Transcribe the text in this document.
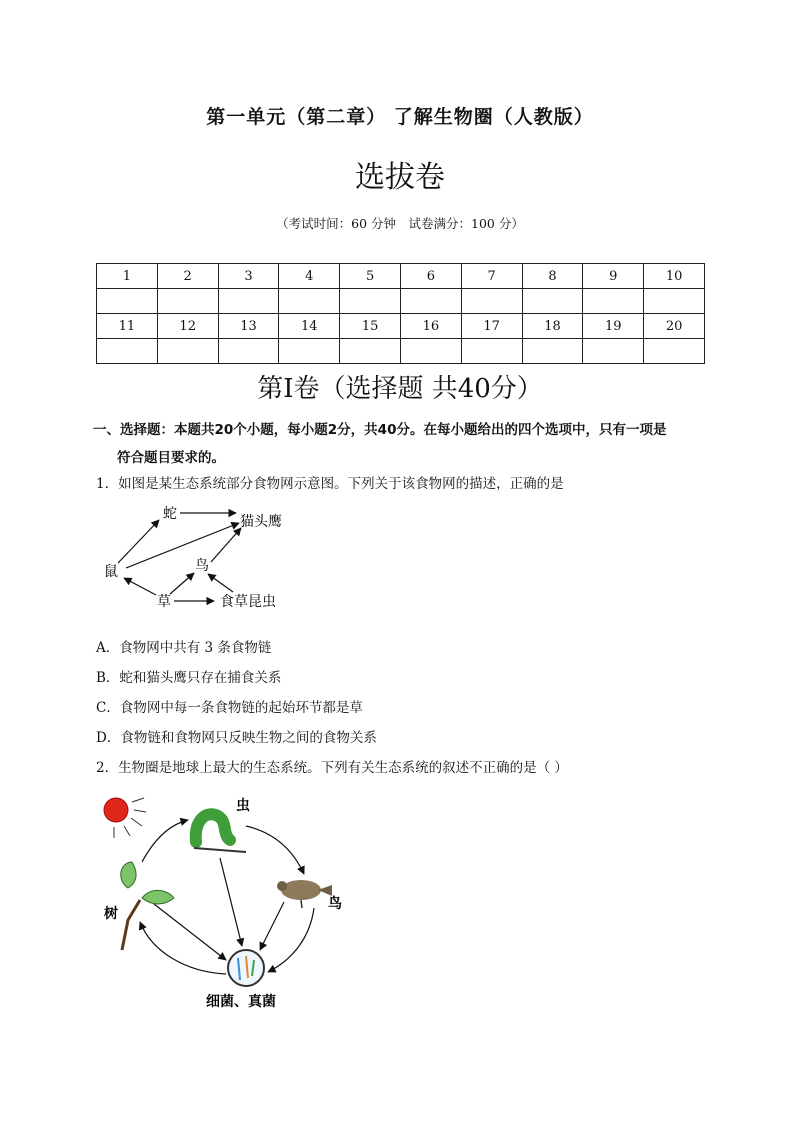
第一单元（第二章） 了解生物圈（人教版）
选拔卷
（考试时间：60 分钟　试卷满分：100 分）
1	2	3	4	5	6	7	8	9	10

11	12	13	14	15	16	17	18	19	20

第Ⅰ卷（选择题 共40分）
一、选择题：本题共20个小题，每小题2分，共40分。在每小题给出的四个选项中，只有一项是
符合题目要求的。
1．如图是某生态系统部分食物网示意图。下列关于该食物网的描述，正确的是
蛇	猫头鹰
鼠	鸟
草	食草昆虫
A．食物网中共有 3 条食物链
B．蛇和猫头鹰只存在捕食关系
C．食物网中每一条食物链的起始环节都是草
D．食物链和食物网只反映生物之间的食物关系
2．生物圈是地球上最大的生态系统。下列有关生态系统的叙述不正确的是（ ）
虫
鸟
树
细菌、真菌
